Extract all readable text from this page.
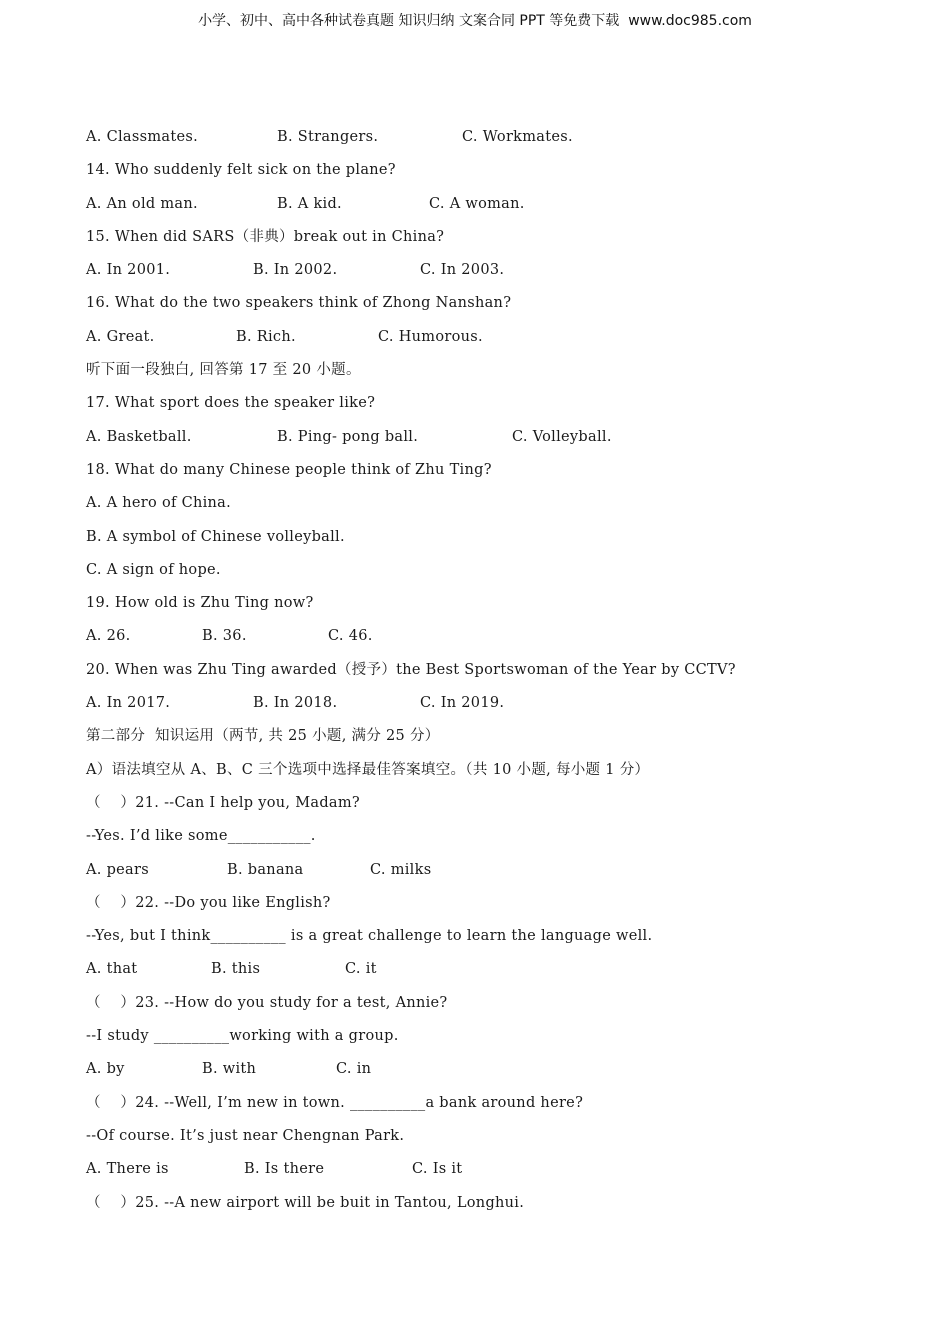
小学、初中、高中各种试卷真题 知识归纳 文案合同 PPT 等免费下载  www.doc985.com
A. Classmates.	B. Strangers.	C. Workmates.
14. Who suddenly felt sick on the plane?
A. An old man.	B. A kid.	C. A woman.
15. When did SARS（非典）break out in China?
A. In 2001.	B. In 2002.	C. In 2003.
16. What do the two speakers think of Zhong Nanshan?
A. Great.	B. Rich.	C. Humorous.
听下面一段独白, 回答第 17 至 20 小题。
17. What sport does the speaker like?
A. Basketball.	B. Ping- pong ball.	C. Volleyball.
18. What do many Chinese people think of Zhu Ting?
A. A hero of China.
B. A symbol of Chinese volleyball.
C. A sign of hope.
19. How old is Zhu Ting now?
A. 26.	B. 36.	C. 46.
20. When was Zhu Ting awarded（授予）the Best Sportswoman of the Year by CCTV?
A. In 2017.	B. In 2018.	C. In 2019.
第二部分  知识运用（两节, 共 25 小题, 满分 25 分）
A）语法填空从 A、B、C 三个选项中选择最佳答案填空。（共 10 小题, 每小题 1 分）
（    ）21. --Can I help you, Madam?
--Yes. I’d like some___________.
A. pears	B. banana	C. milks
（    ）22. --Do you like English?
--Yes, but I think__________ is a great challenge to learn the language well.
A. that	B. this	C. it
（    ）23. --How do you study for a test, Annie?
--I study __________working with a group.
A. by	B. with	C. in
（    ）24. --Well, I’m new in town. __________a bank around here?
--Of course. It’s just near Chengnan Park.
A. There is	B. Is there	C. Is it
（    ）25. --A new airport will be buit in Tantou, Longhui.
